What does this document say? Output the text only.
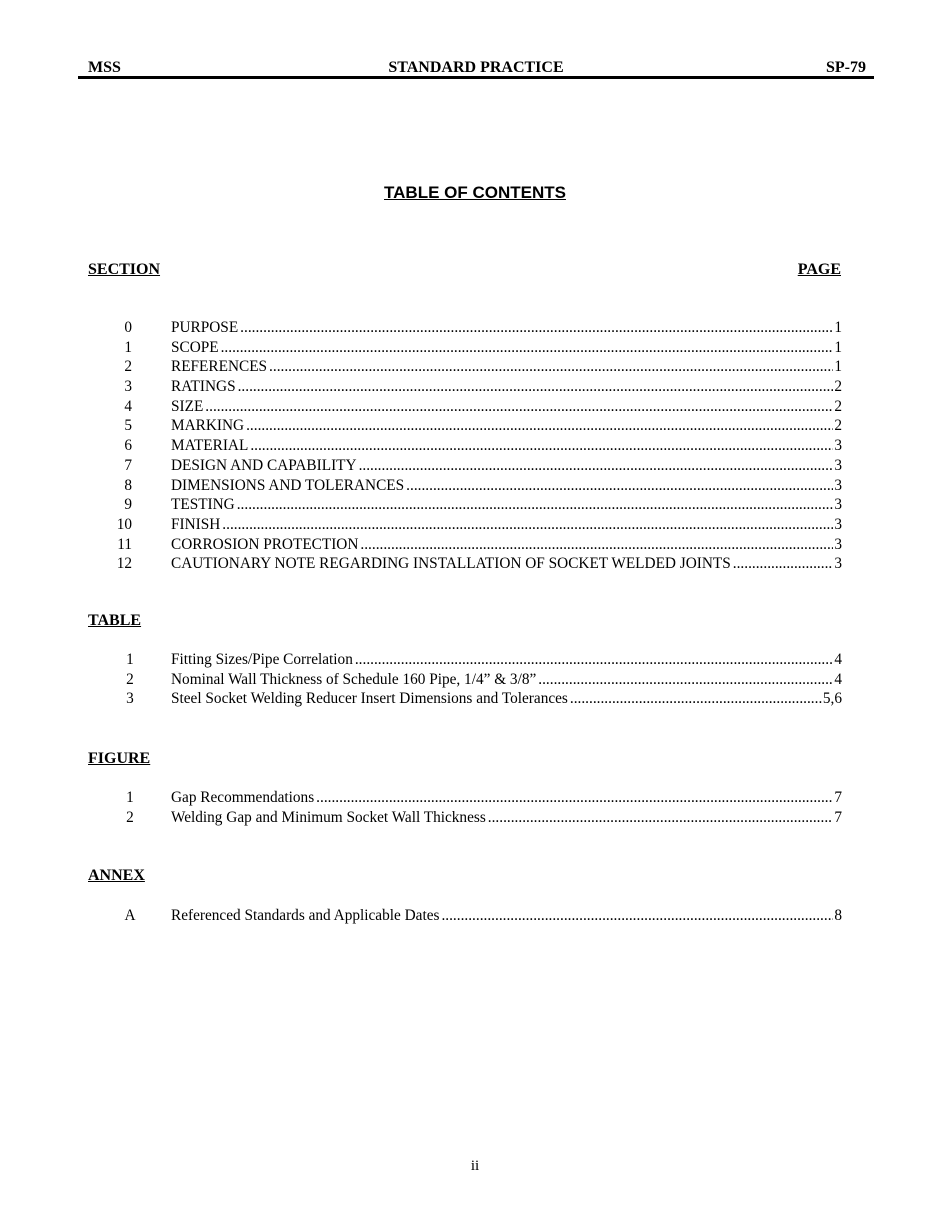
MSS	STANDARD PRACTICE	SP-79
TABLE OF CONTENTS
SECTION	PAGE
0	PURPOSE .....	1
1	SCOPE .....	1
2	REFERENCES .....	1
3	RATINGS .....	2
4	SIZE .....	2
5	MARKING .....	2
6	MATERIAL .....	3
7	DESIGN AND CAPABILITY .....	3
8	DIMENSIONS AND TOLERANCES .....	3
9	TESTING .....	3
10	FINISH .....	3
11	CORROSION PROTECTION .....	3
12	CAUTIONARY NOTE REGARDING INSTALLATION OF SOCKET WELDED JOINTS .....	3
TABLE
1	Fitting Sizes/Pipe Correlation .....	4
2	Nominal Wall Thickness of Schedule 160 Pipe, 1/4” & 3/8” .....	4
3	Steel Socket Welding Reducer Insert Dimensions and Tolerances .....	5,6
FIGURE
1	Gap Recommendations .....	7
2	Welding Gap and Minimum Socket Wall Thickness .....	7
ANNEX
A	Referenced Standards and Applicable Dates .....	8
ii
